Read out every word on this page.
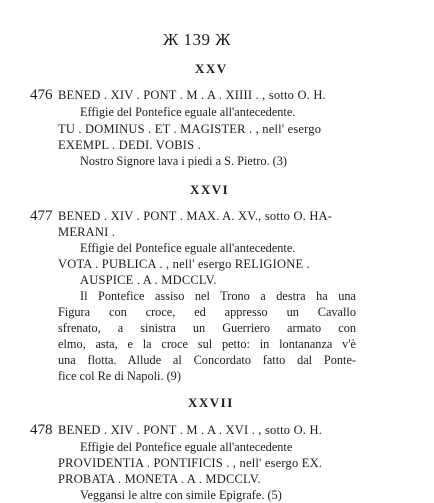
Ж 139 Ж
XXV
476 BENED . XIV . PONT . M . A . XIIII . , sotto O. H.
Effigie del Pontefice eguale all'antecedente.
TU . DOMINUS . ET . MAGISTER . , nell' esergo
EXEMPL . DEDI. VOBIS .
Nostro Signore lava i piedi a S. Pietro. (3)
XXVI
477 BENED . XIV . PONT . MAX. A. XV., sotto O. HA-
MERANI .
Effigie del Pontefice eguale all'antecedente.
VOTA . PUBLICA . , nell' esergo RELIGIONE .
AUSPICE . A . MDCCLV.
Il Pontefice assiso nel Trono a destra ha una
Figura con croce, ed appresso un Cavallo
sfrenato, a sinistra un Guerriero armato con
elmo, asta, e la croce sul petto: in lontananza v'è
una flotta. Allude al Concordato fatto dal Ponte-
fice col Re di Napoli. (9)
XXVII
478 BENED . XIV . PONT . M . A . XVI . , sotto O. H.
Effigie del Pontefice eguale all'antecedente
PROVIDENTIA . PONTIFICIS . , nell' esergo EX.
PROBATA . MONETA . A . MDCCLV.
Veggansi le altre con simile Epigrafe. (5)
